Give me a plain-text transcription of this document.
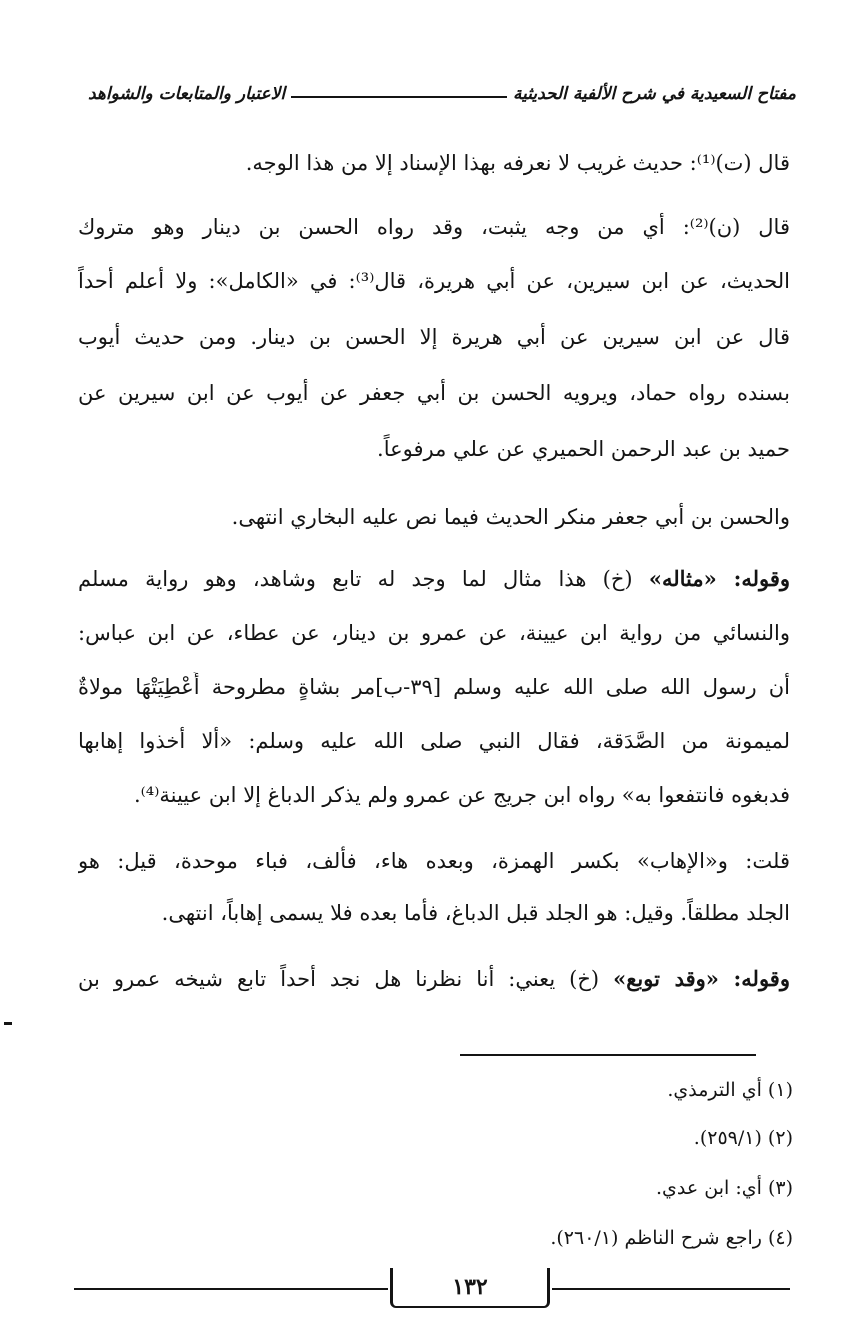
مفتاح السعيدية في شرح الألفية الحديثية
الاعتبار والمتابعات والشواهد
قال (ت)⁽¹⁾: حديث غريب لا نعرفه بهذا الإسناد إلا من هذا الوجه.
قال (ن)⁽²⁾: أي من وجه يثبت، وقد رواه الحسن بن دينار وهو متروك
الحديث، عن ابن سيرين، عن أبي هريرة، قال⁽³⁾: في «الكامل»: ولا أعلم أحداً
قال عن ابن سيرين عن أبي هريرة إلا الحسن بن دينار. ومن حديث أيوب
بسنده رواه حماد، ويرويه الحسن بن أبي جعفر عن أيوب عن ابن سيرين عن
حميد بن عبد الرحمن الحميري عن علي مرفوعاً.
والحسن بن أبي جعفر منكر الحديث فيما نص عليه البخاري انتهى.
وقوله: «مثاله» (خ) هذا مثال لما وجد له تابع وشاهد، وهو رواية مسلم
والنسائي من رواية ابن عيينة، عن عمرو بن دينار، عن عطاء، عن ابن عباس:
أن رسول الله صلى الله عليه وسلم [٣٩-ب]مر بشاةٍ مطروحة أُعْطِيَتْهَا مولاةٌ
لميمونة من الصَّدَقة، فقال النبي صلى الله عليه وسلم: «ألا أخذوا إهابها
فدبغوه فانتفعوا به» رواه ابن جريج عن عمرو ولم يذكر الدباغ إلا ابن عيينة⁽⁴⁾.
قلت: و«الإهاب» بكسر الهمزة، وبعده هاء، فألف، فباء موحدة، قيل: هو
الجلد مطلقاً. وقيل: هو الجلد قبل الدباغ، فأما بعده فلا يسمى إهاباً، انتهى.
وقوله: «وقد توبع» (خ) يعني: أنا نظرنا هل نجد أحداً تابع شيخه عمرو بن
(١) أي الترمذي.
(٢) (٢٥٩/١).
(٣) أي: ابن عدي.
(٤) راجع شرح الناظم (٢٦٠/١).
١٣٢
